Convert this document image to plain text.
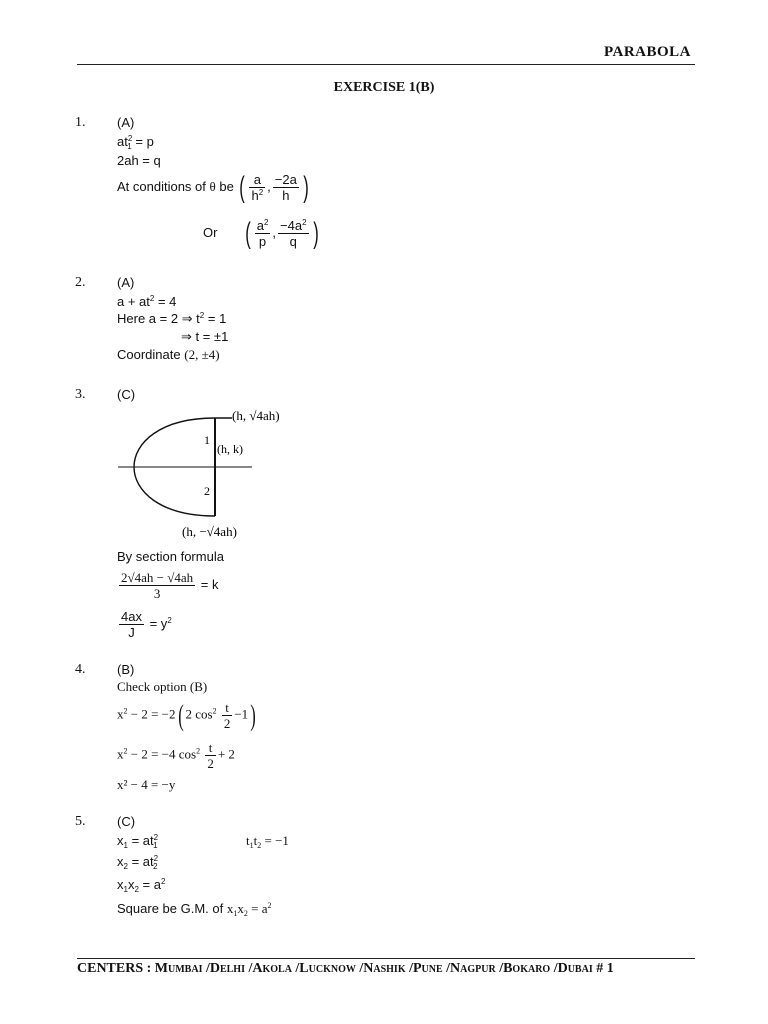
PARABOLA
EXERCISE 1(B)
1. (A)
$at^2_1 = p$
2ah = q
At conditions of θ be ( $\frac{a}{h^2}$ , $\frac{-2a}{h}$ )
Or ( $\frac{a^2}{p}$ , $\frac{-4a^2}{q}$ )
2. (A)
$a + at^2 = 4$
Here a = 2 ⇒ $t^2 = 1$
⇒ t = ±1
Coordinate (2, ±4)
3. (C)
1
2
(h, k)
(h, √4ah)
(h, −√4ah)
By section formula
$\frac{2√4ah - √4ah}{3} = k$
$\frac{4ax}{J} = y^2$
4. (B)
Check option (B)
$x^2 - 2 = -2$( 2 $\cos^2 \frac{t}{2} -1$)
$x^2 - 2 = -4$ $\cos^2 \frac{t}{2} + 2$
x² − 4 = −y
5. (C)
$x_1 = at^2_1$	$t_1t_2 = -1$
$x_2 = at^2_2$
$x_1x_2 = a^2$
Square be G.M. of $x_1x_2 = a^2$
CENTERS : Mumbai /Delhi /Akola /Lucknow /Nashik /Pune /Nagpur /Bokaro /Dubai # 1
